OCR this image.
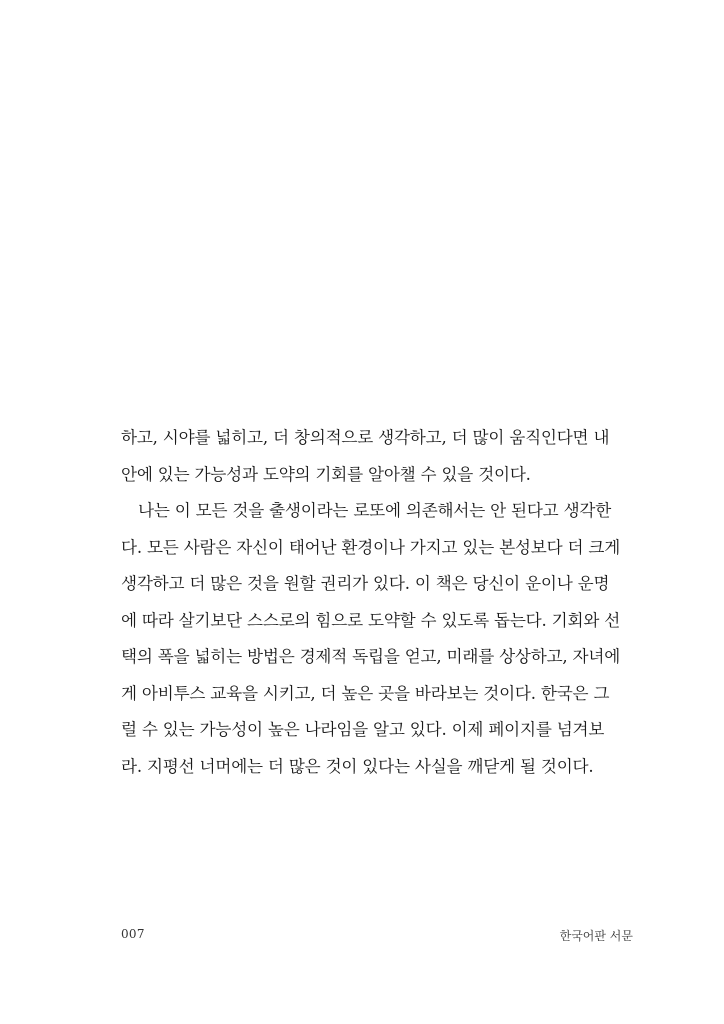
하고, 시야를 넓히고, 더 창의적으로 생각하고, 더 많이 움직인다면 내
안에 있는 가능성과 도약의 기회를 알아챌 수 있을 것이다.
나는 이 모든 것을 출생이라는 로또에 의존해서는 안 된다고 생각한
다. 모든 사람은 자신이 태어난 환경이나 가지고 있는 본성보다 더 크게
생각하고 더 많은 것을 원할 권리가 있다. 이 책은 당신이 운이나 운명
에 따라 살기보단 스스로의 힘으로 도약할 수 있도록 돕는다. 기회와 선
택의 폭을 넓히는 방법은 경제적 독립을 얻고, 미래를 상상하고, 자녀에
게 아비투스 교육을 시키고, 더 높은 곳을 바라보는 것이다. 한국은 그
럴 수 있는 가능성이 높은 나라임을 알고 있다. 이제 페이지를 넘겨보
라. 지평선 너머에는 더 많은 것이 있다는 사실을 깨닫게 될 것이다.
007	한국어판 서문
